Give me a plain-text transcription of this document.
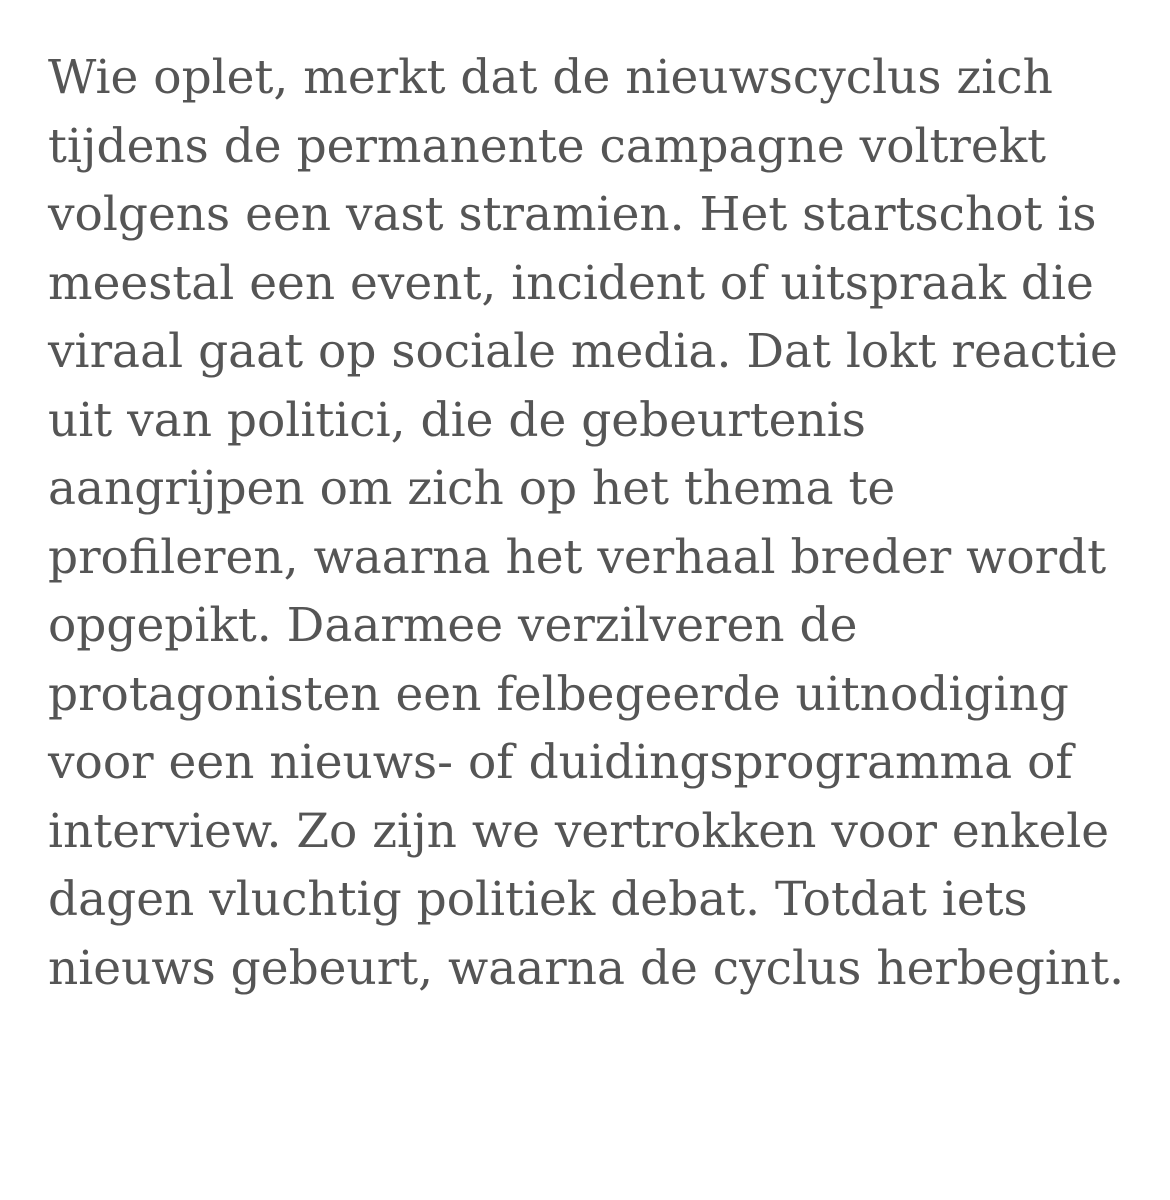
Wie oplet, merkt dat de nieuwscyclus zich
tijdens de permanente campagne voltrekt
volgens een vast stramien. Het startschot is
meestal een event, incident of uitspraak die
viraal gaat op sociale media. Dat lokt reactie
uit van politici, die de gebeurtenis
aangrijpen om zich op het thema te
profileren, waarna het verhaal breder wordt
opgepikt. Daarmee verzilveren de
protagonisten een felbegeerde uitnodiging
voor een nieuws- of duidingsprogramma of
interview. Zo zijn we vertrokken voor enkele
dagen vluchtig politiek debat. Totdat iets
nieuws gebeurt, waarna de cyclus herbegint.
